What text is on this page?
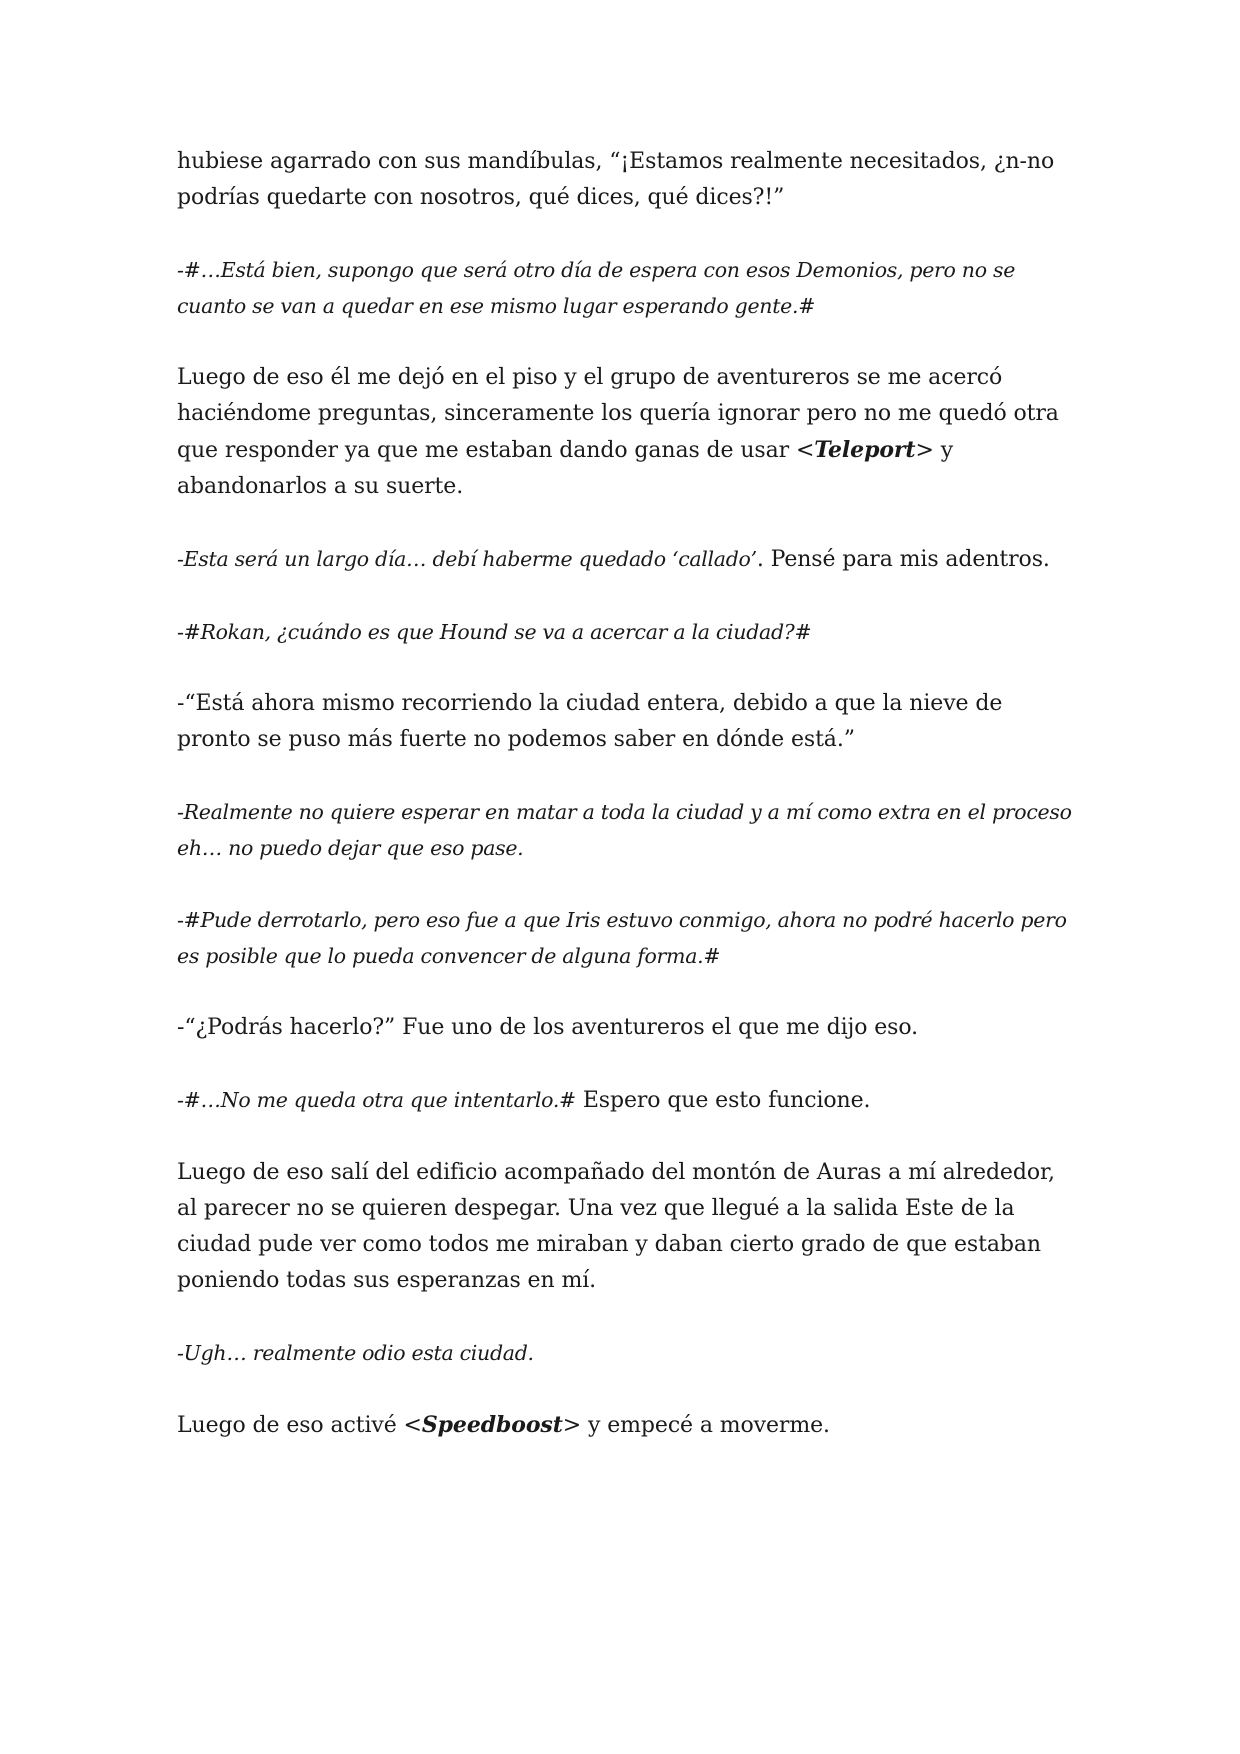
hubiese agarrado con sus mandíbulas, “¡Estamos realmente necesitados, ¿n-no podrías quedarte con nosotros, qué dices, qué dices?!”

-#…Está bien, supongo que será otro día de espera con esos Demonios, pero no se cuanto se van a quedar en ese mismo lugar esperando gente.#

Luego de eso él me dejó en el piso y el grupo de aventureros se me acercó haciéndome preguntas, sinceramente los quería ignorar pero no me quedó otra que responder ya que me estaban dando ganas de usar <Teleport> y abandonarlos a su suerte.

-Esta será un largo día… debí haberme quedado ‘callado’. Pensé para mis adentros.

-#Rokan, ¿cuándo es que Hound se va a acercar a la ciudad?#

-“Está ahora mismo recorriendo la ciudad entera, debido a que la nieve de pronto se puso más fuerte no podemos saber en dónde está.”

-Realmente no quiere esperar en matar a toda la ciudad y a mí como extra en el proceso eh… no puedo dejar que eso pase.

-#Pude derrotarlo, pero eso fue a que Iris estuvo conmigo, ahora no podré hacerlo pero es posible que lo pueda convencer de alguna forma.#

-“¿Podrás hacerlo?” Fue uno de los aventureros el que me dijo eso.

-#…No me queda otra que intentarlo.# Espero que esto funcione.

Luego de eso salí del edificio acompañado del montón de Auras a mí alrededor, al parecer no se quieren despegar. Una vez que llegué a la salida Este de la ciudad pude ver como todos me miraban y daban cierto grado de que estaban poniendo todas sus esperanzas en mí.

-Ugh… realmente odio esta ciudad.

Luego de eso activé <Speedboost> y empecé a moverme.
